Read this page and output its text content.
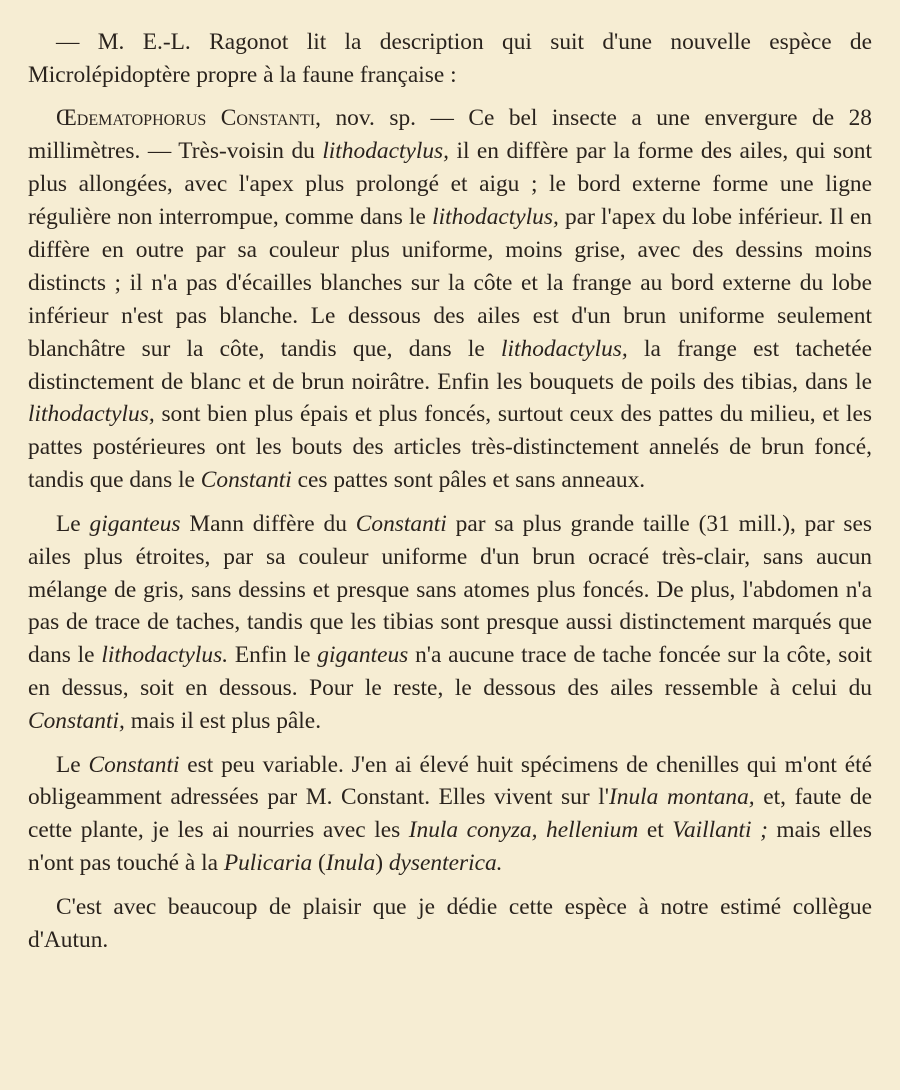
— M. E.-L. Ragonot lit la description qui suit d'une nouvelle espèce de Microlépidoptère propre à la faune française :

Œdematophorus Constanti, nov. sp. — Ce bel insecte a une envergure de 28 millimètres. — Très-voisin du lithodactylus, il en diffère par la forme des ailes, qui sont plus allongées, avec l'apex plus prolongé et aigu ; le bord externe forme une ligne régulière non interrompue, comme dans le lithodactylus, par l'apex du lobe inférieur. Il en diffère en outre par sa couleur plus uniforme, moins grise, avec des dessins moins distincts ; il n'a pas d'écailles blanches sur la côte et la frange au bord externe du lobe inférieur n'est pas blanche. Le dessous des ailes est d'un brun uniforme seulement blanchâtre sur la côte, tandis que, dans le lithodactylus, la frange est tachetée distinctement de blanc et de brun noirâtre. Enfin les bouquets de poils des tibias, dans le lithodactylus, sont bien plus épais et plus foncés, surtout ceux des pattes du milieu, et les pattes postérieures ont les bouts des articles très-distinctement annelés de brun foncé, tandis que dans le Constanti ces pattes sont pâles et sans anneaux.

Le giganteus Mann diffère du Constanti par sa plus grande taille (31 mill.), par ses ailes plus étroites, par sa couleur uniforme d'un brun ocracé très-clair, sans aucun mélange de gris, sans dessins et presque sans atomes plus foncés. De plus, l'abdomen n'a pas de trace de taches, tandis que les tibias sont presque aussi distinctement marqués que dans le lithodactylus. Enfin le giganteus n'a aucune trace de tache foncée sur la côte, soit en dessus, soit en dessous. Pour le reste, le dessous des ailes ressemble à celui du Constanti, mais il est plus pâle.

Le Constanti est peu variable. J'en ai élevé huit spécimens de chenilles qui m'ont été obligeamment adressées par M. Constant. Elles vivent sur l'Inula montana, et, faute de cette plante, je les ai nourries avec les Inula conyza, hellenium et Vaillanti ; mais elles n'ont pas touché à la Pulicaria (Inula) dysenterica.

C'est avec beaucoup de plaisir que je dédie cette espèce à notre estimé collègue d'Autun.
